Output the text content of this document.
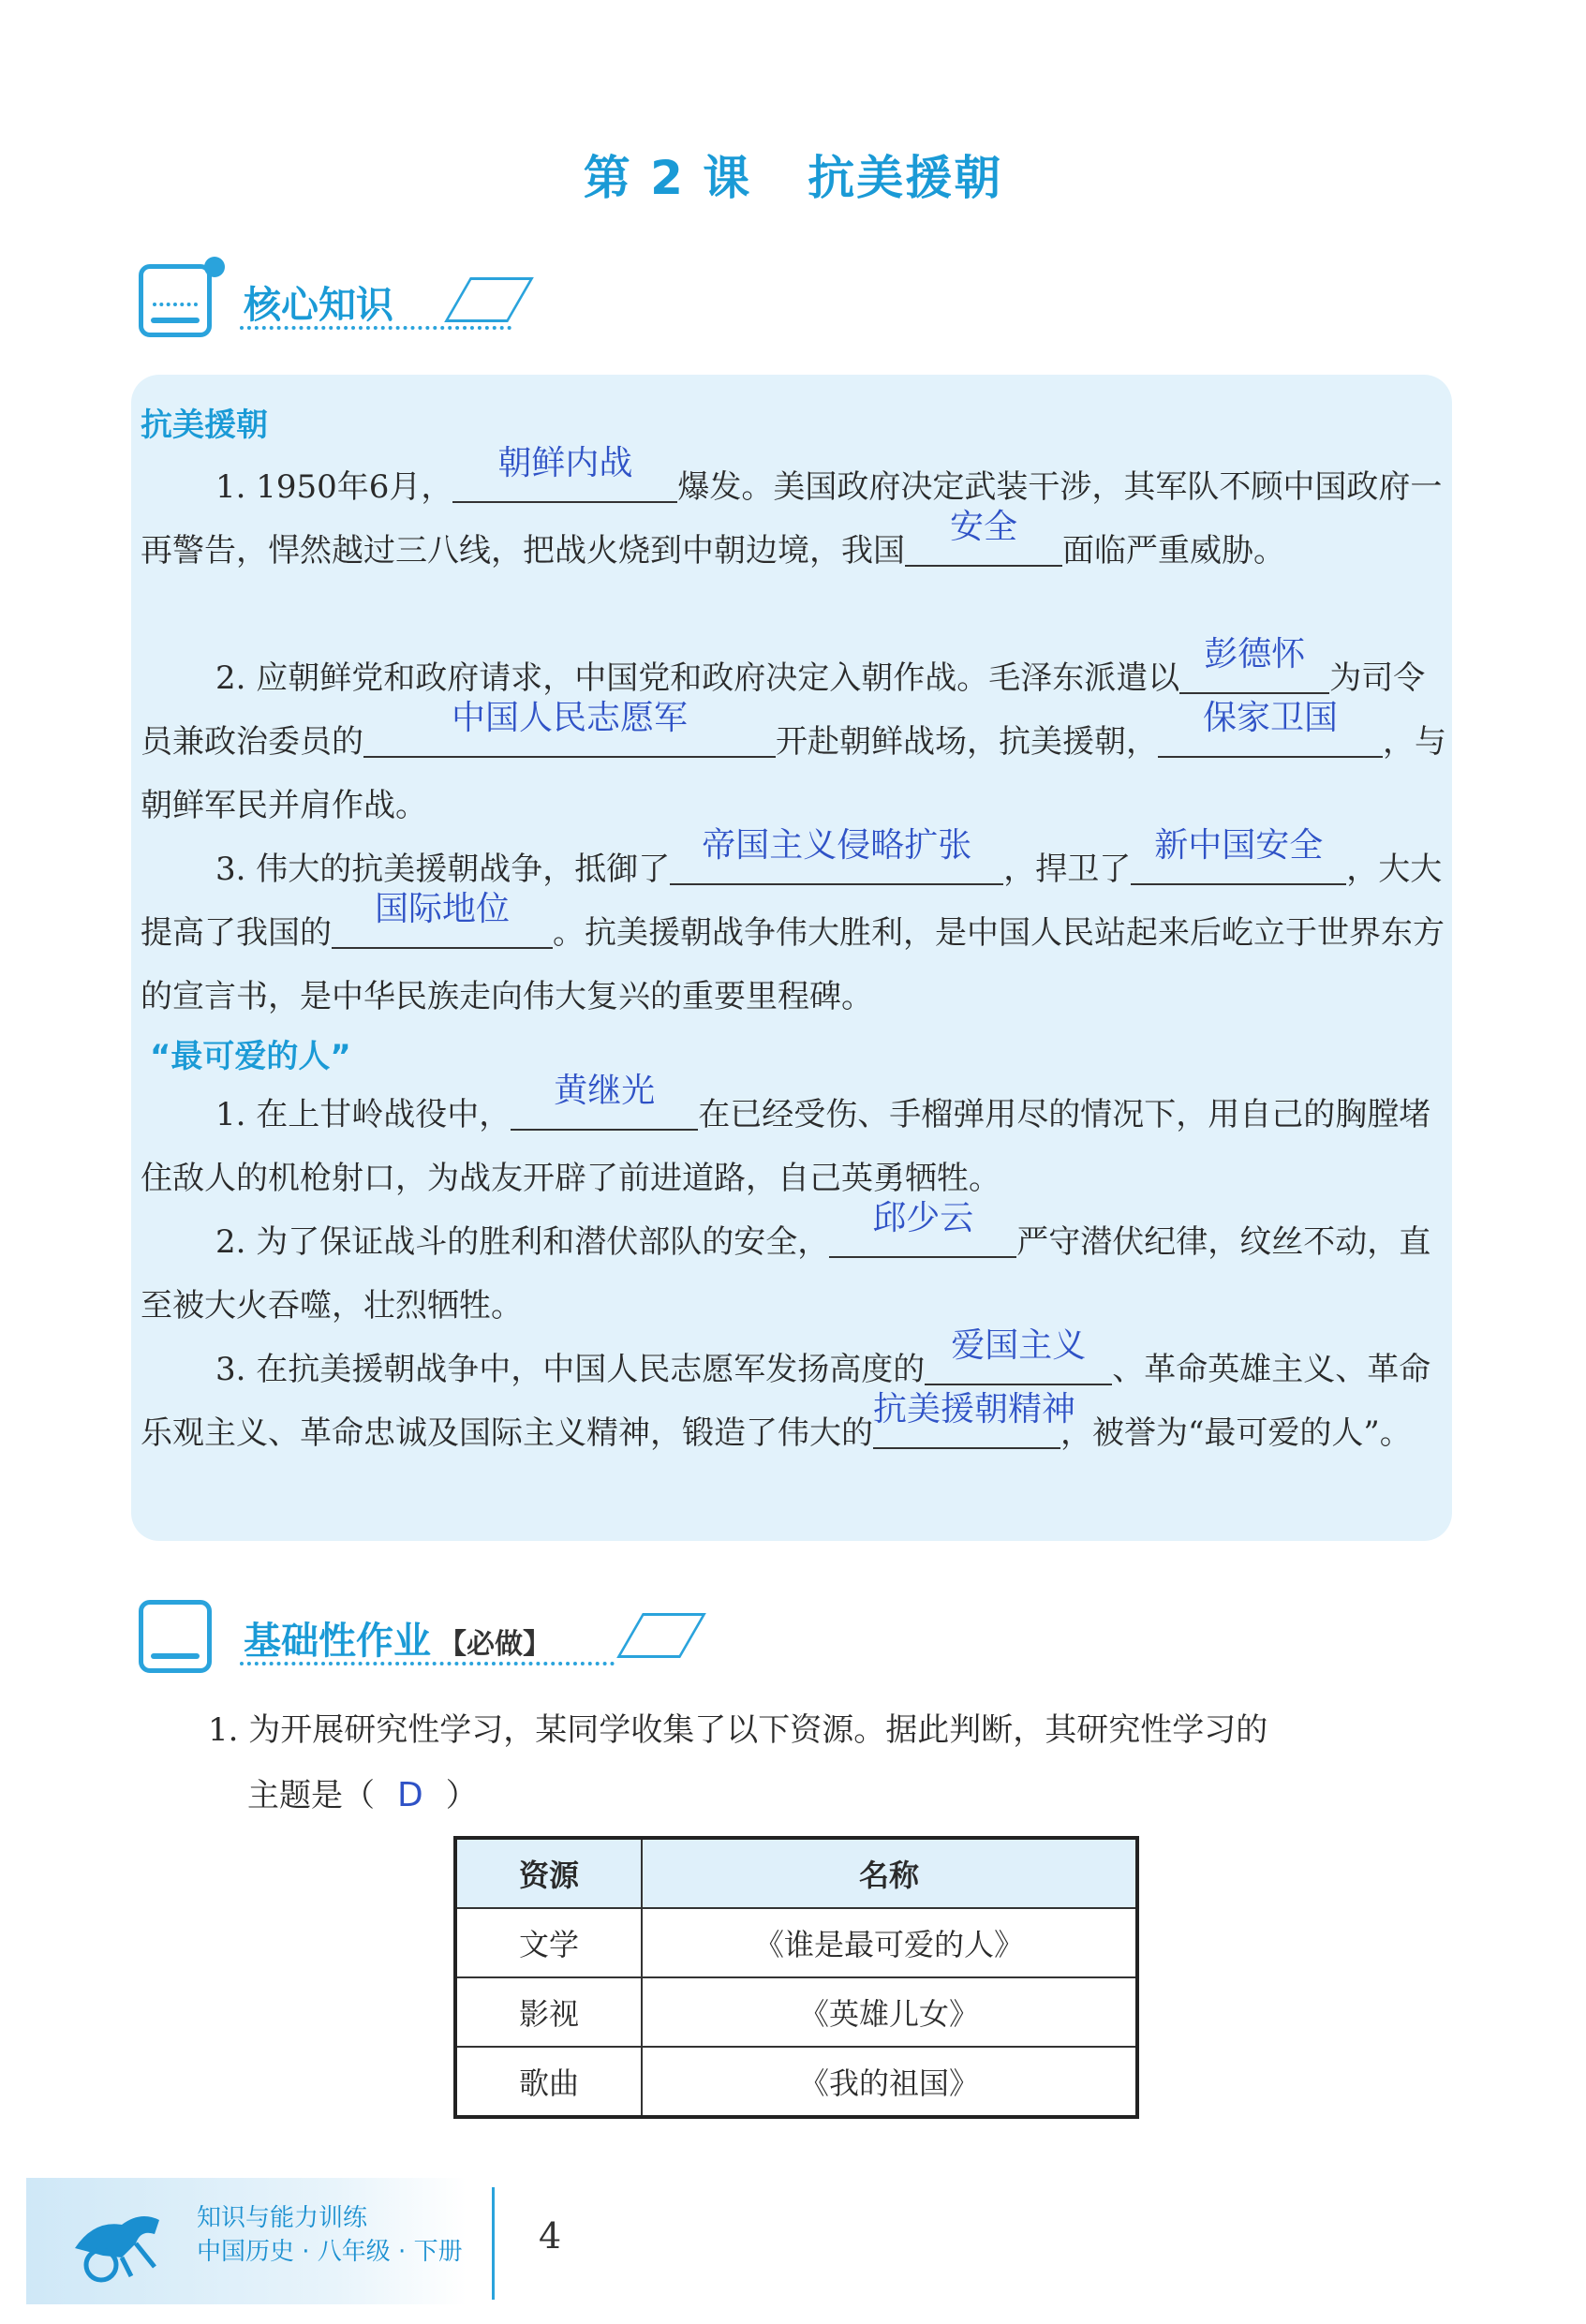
第 2 课 抗美援朝
核心知识
抗美援朝
1. 1950年6月，
朝鲜内战
爆发。美国政府决定武装干涉，其军队不顾中国政府一再警告，悍然越过三八线，把战火烧到中朝边境，我国
安全
面临严重威胁。
2. 应朝鲜党和政府请求，中国党和政府决定入朝作战。毛泽东派遣以
彭德怀
为司令员兼政治委员的
中国人民志愿军
开赴朝鲜战场，抗美援朝，
保家卫国
，与朝鲜军民并肩作战。
3. 伟大的抗美援朝战争，抵御了
帝国主义侵略扩张
，捍卫了
新中国安全
，大大提高了我国的
国际地位
。抗美援朝战争伟大胜利，是中国人民站起来后屹立于世界东方的宣言书，是中华民族走向伟大复兴的重要里程碑。
“最可爱的人”
1. 在上甘岭战役中，
黄继光
在已经受伤、手榴弹用尽的情况下，用自己的胸膛堵住敌人的机枪射口，为战友开辟了前进道路，自己英勇牺牲。
2. 为了保证战斗的胜利和潜伏部队的安全，
邱少云
严守潜伏纪律，纹丝不动，直至被大火吞噬，壮烈牺牲。
3. 在抗美援朝战争中，中国人民志愿军发扬高度的
爱国主义
、革命英雄主义、革命乐观主义、革命忠诚及国际主义精神，锻造了伟大的
抗美援朝精神
，被誉为“最可爱的人”。
基础性作业 【必做】
1. 为开展研究性学习，某同学收集了以下资源。据此判断，其研究性学习的
主题是（ D ）
资源	名称
文学	《谁是最可爱的人》
影视	《英雄儿女》
歌曲	《我的祖国》
知识与能力训练
中国历史 · 八年级 · 下册 4
